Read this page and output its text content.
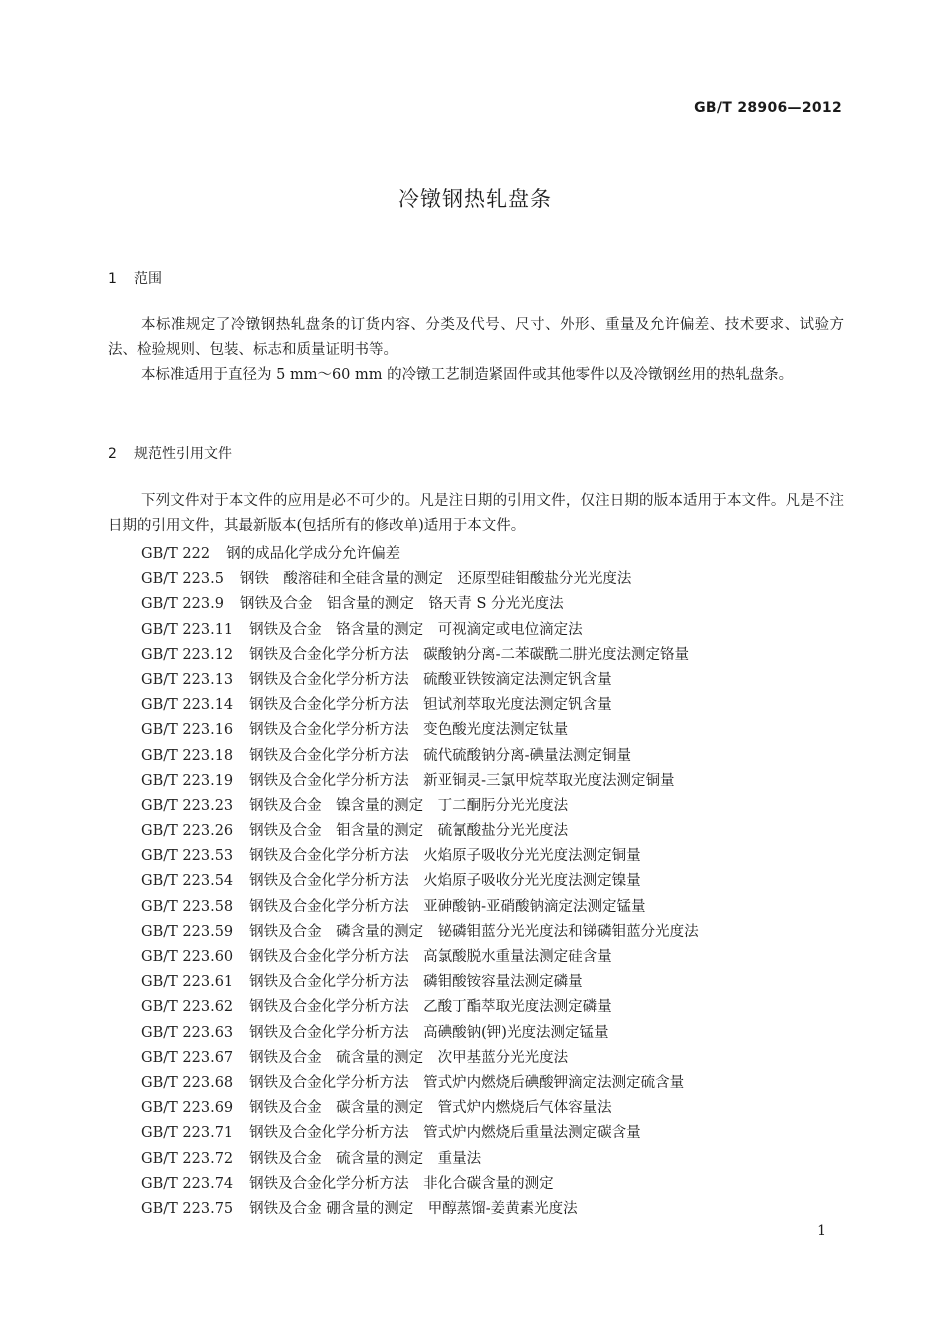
GB/T 28906—2012
冷镦钢热轧盘条
1 范围

本标准规定了冷镦钢热轧盘条的订货内容、分类及代号、尺寸、外形、重量及允许偏差、技术要求、试验方法、检验规则、包装、标志和质量证明书等。

本标准适用于直径为 5 mm～60 mm 的冷镦工艺制造紧固件或其他零件以及冷镦钢丝用的热轧盘条。

2 规范性引用文件

下列文件对于本文件的应用是必不可少的。凡是注日期的引用文件，仅注日期的版本适用于本文件。凡是不注日期的引用文件，其最新版本(包括所有的修改单)适用于本文件。

GB/T 222 钢的成品化学成分允许偏差
GB/T 223.5 钢铁　酸溶硅和全硅含量的测定　还原型硅钼酸盐分光光度法
GB/T 223.9 钢铁及合金　铝含量的测定　铬天青 S 分光光度法
GB/T 223.11 钢铁及合金　铬含量的测定　可视滴定或电位滴定法
GB/T 223.12 钢铁及合金化学分析方法　碳酸钠分离-二苯碳酰二肼光度法测定铬量
GB/T 223.13 钢铁及合金化学分析方法　硫酸亚铁铵滴定法测定钒含量
GB/T 223.14 钢铁及合金化学分析方法　钽试剂萃取光度法测定钒含量
GB/T 223.16 钢铁及合金化学分析方法　变色酸光度法测定钛量
GB/T 223.18 钢铁及合金化学分析方法　硫代硫酸钠分离-碘量法测定铜量
GB/T 223.19 钢铁及合金化学分析方法　新亚铜灵-三氯甲烷萃取光度法测定铜量
GB/T 223.23 钢铁及合金　镍含量的测定　丁二酮肟分光光度法
GB/T 223.26 钢铁及合金　钼含量的测定　硫氰酸盐分光光度法
GB/T 223.53 钢铁及合金化学分析方法　火焰原子吸收分光光度法测定铜量
GB/T 223.54 钢铁及合金化学分析方法　火焰原子吸收分光光度法测定镍量
GB/T 223.58 钢铁及合金化学分析方法　亚砷酸钠-亚硝酸钠滴定法测定锰量
GB/T 223.59 钢铁及合金　磷含量的测定　铋磷钼蓝分光光度法和锑磷钼蓝分光度法
GB/T 223.60 钢铁及合金化学分析方法　高氯酸脱水重量法测定硅含量
GB/T 223.61 钢铁及合金化学分析方法　磷钼酸铵容量法测定磷量
GB/T 223.62 钢铁及合金化学分析方法　乙酸丁酯萃取光度法测定磷量
GB/T 223.63 钢铁及合金化学分析方法　高碘酸钠(钾)光度法测定锰量
GB/T 223.67 钢铁及合金　硫含量的测定　次甲基蓝分光光度法
GB/T 223.68 钢铁及合金化学分析方法　管式炉内燃烧后碘酸钾滴定法测定硫含量
GB/T 223.69 钢铁及合金　碳含量的测定　管式炉内燃烧后气体容量法
GB/T 223.71 钢铁及合金化学分析方法　管式炉内燃烧后重量法测定碳含量
GB/T 223.72 钢铁及合金　硫含量的测定　重量法
GB/T 223.74 钢铁及合金化学分析方法　非化合碳含量的测定
GB/T 223.75 钢铁及合金 硼含量的测定　甲醇蒸馏-姜黄素光度法
1
